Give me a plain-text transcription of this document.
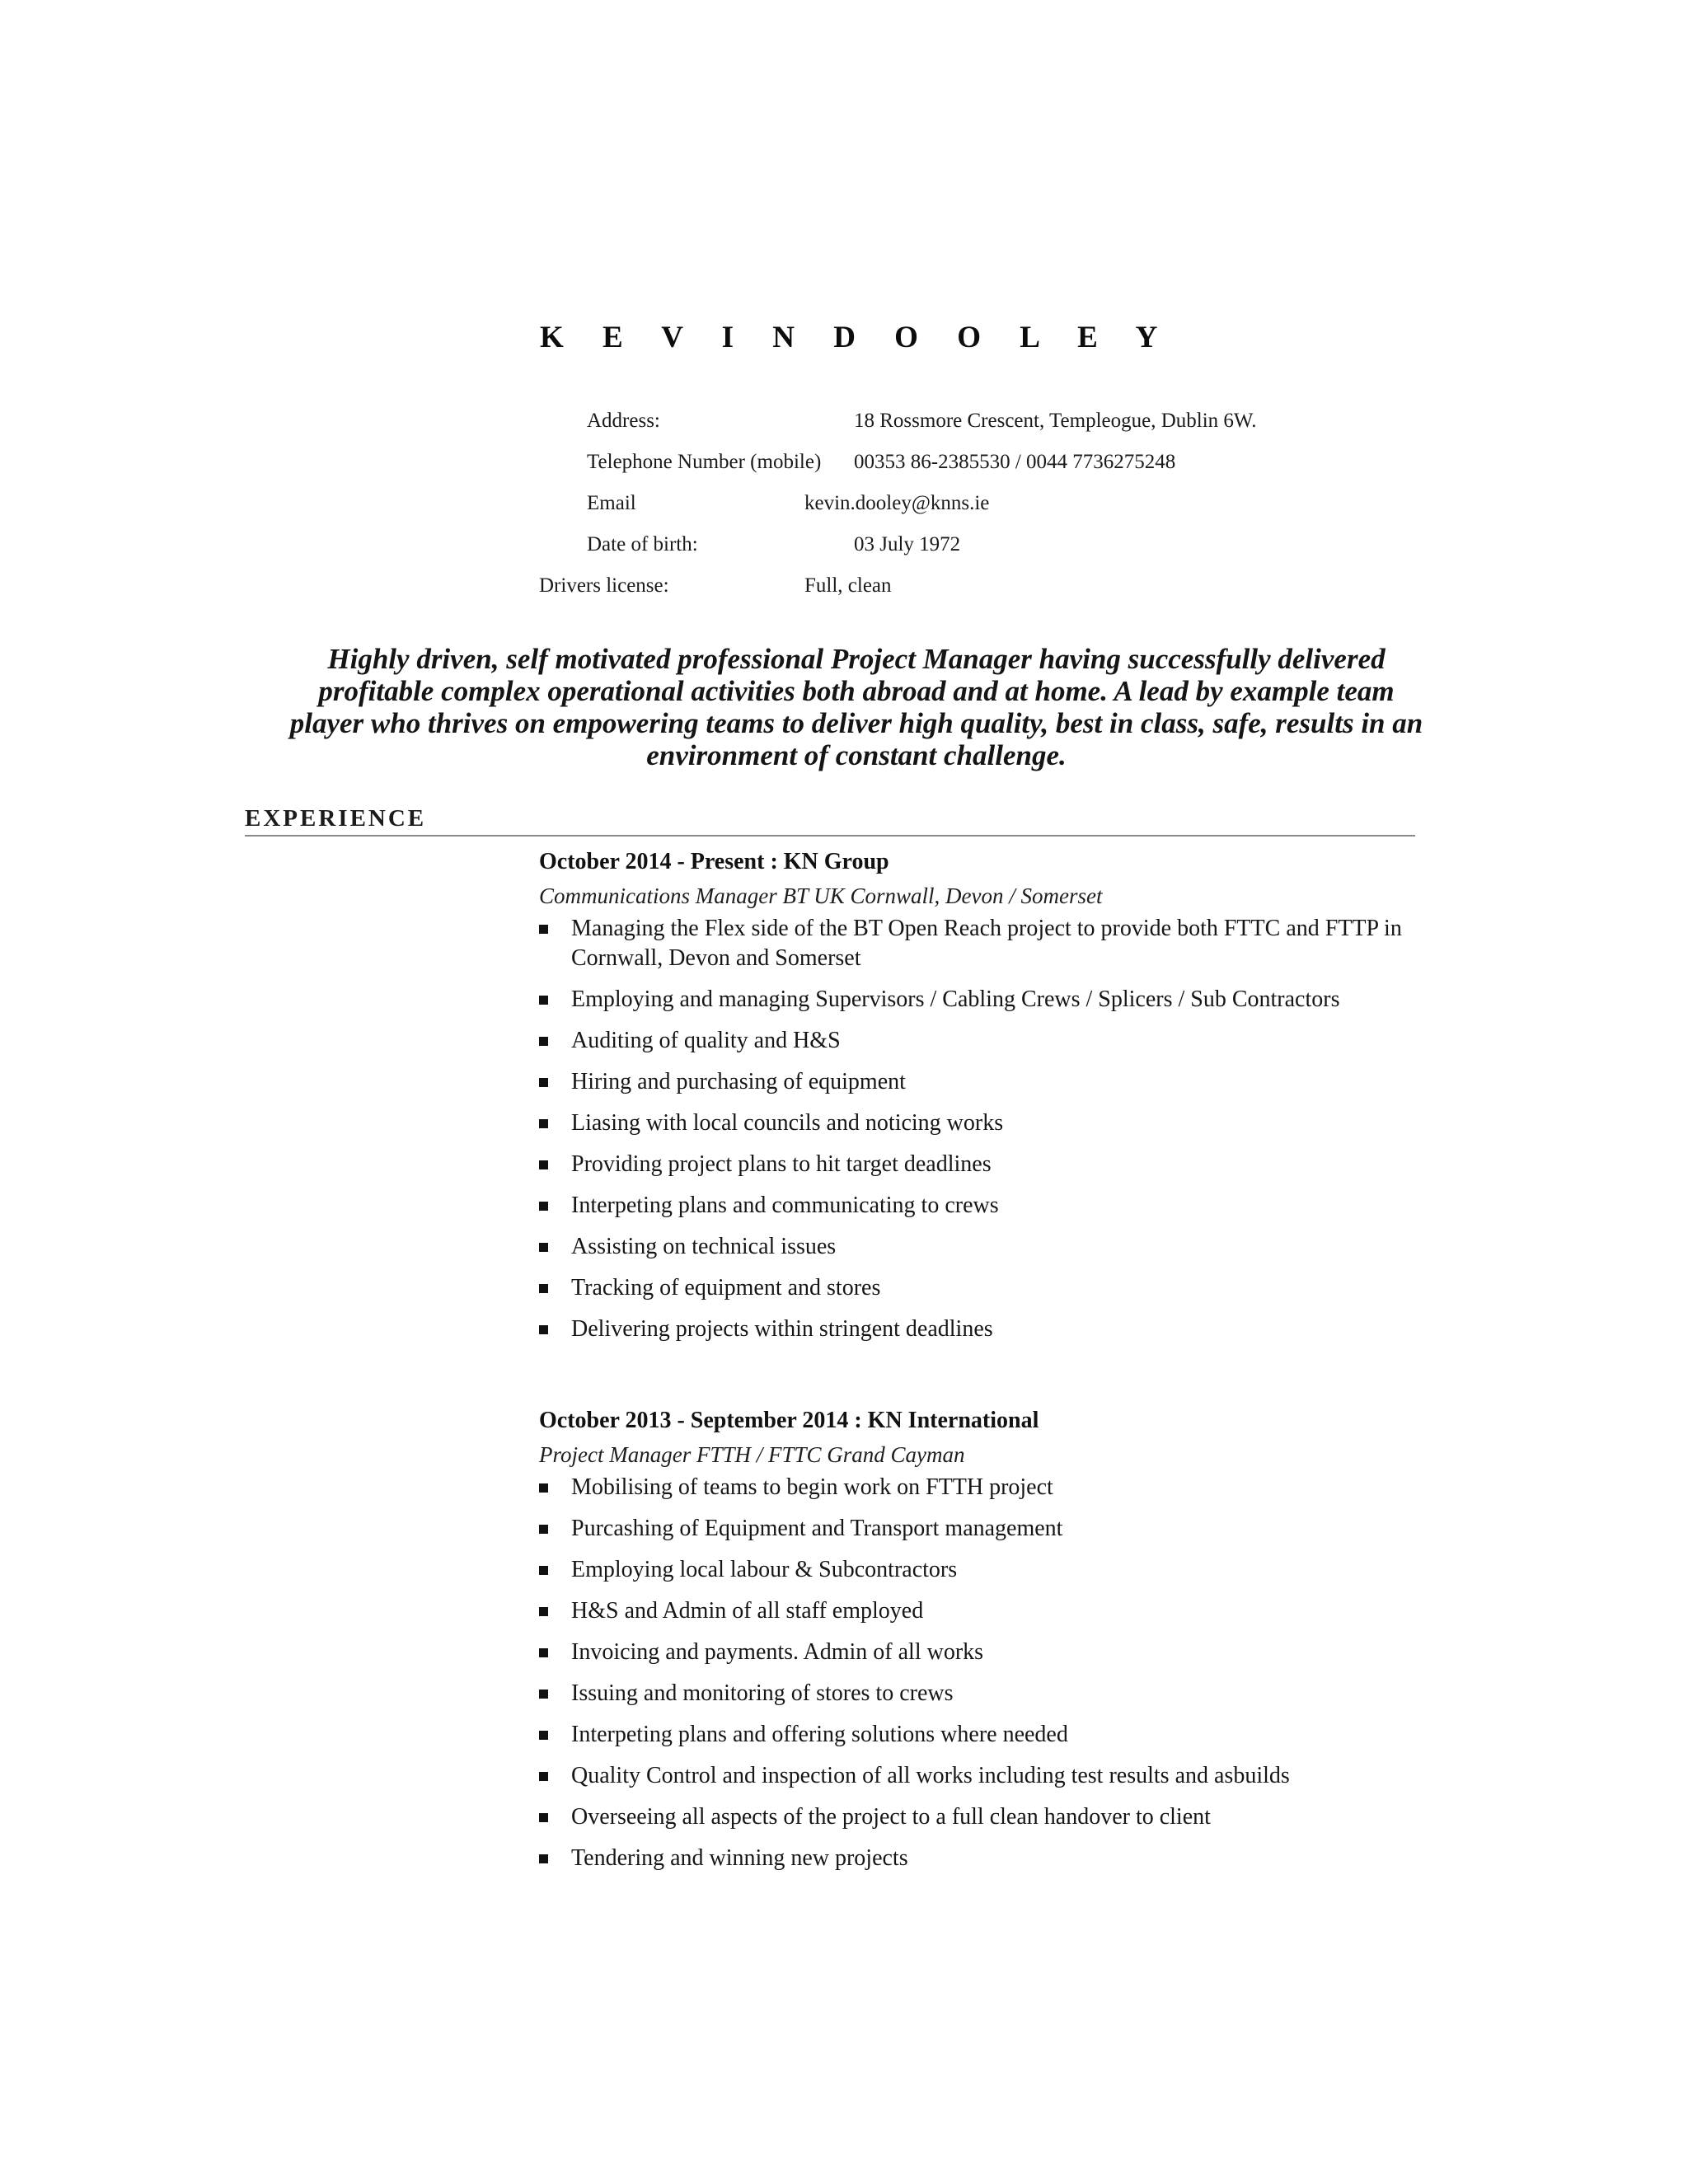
K E V I N D O O L E Y
Address:	18 Rossmore Crescent, Templeogue, Dublin 6W.
Telephone Number (mobile) 00353 86-2385530 / 0044 7736275248
Email	kevin.dooley@knns.ie
Date of birth:	03 July 1972
Drivers license:	Full, clean
Highly driven, self motivated professional Project Manager having successfully delivered profitable complex operational activities both abroad and at home. A lead by example team player who thrives on empowering teams to deliver high quality, best in class, safe, results in an environment of constant challenge.
EXPERIENCE
October 2014 - Present : KN Group
Communications Manager BT UK Cornwall, Devon / Somerset
Managing the Flex side of the BT Open Reach project to provide both FTTC and FTTP in Cornwall, Devon and Somerset
Employing and managing Supervisors / Cabling Crews / Splicers / Sub Contractors
Auditing of quality and H&S
Hiring and purchasing of equipment
Liasing with local councils and noticing works
Providing project plans to hit target deadlines
Interpeting plans and communicating to crews
Assisting on technical issues
Tracking of equipment and stores
Delivering projects within stringent deadlines
October 2013 - September 2014 : KN International
Project Manager FTTH / FTTC Grand Cayman
Mobilising of teams to begin work on FTTH project
Purcashing of Equipment and Transport management
Employing local labour & Subcontractors
H&S and Admin of all staff employed
Invoicing and payments. Admin of all works
Issuing and monitoring of stores to crews
Interpeting plans and offering solutions where needed
Quality Control and inspection of all works including test results and asbuilds
Overseeing all aspects of the project to a full clean handover to client
Tendering and winning new projects
